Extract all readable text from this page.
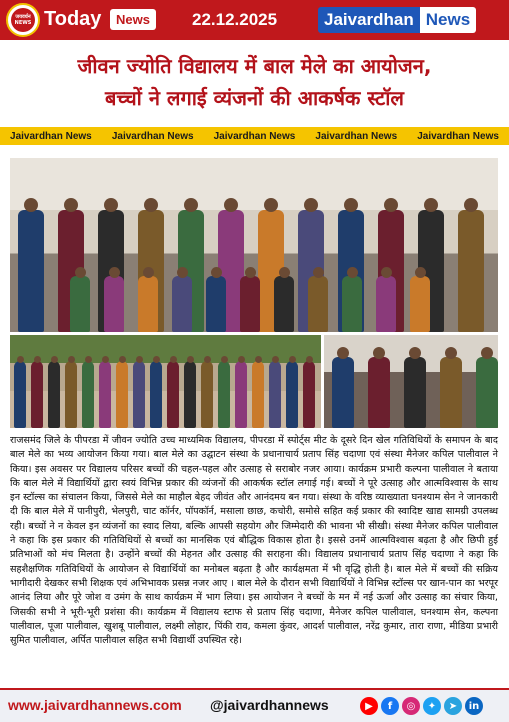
जयवर्धन NEWS Today	News	22.12.2025	Jaivardhan News
जीवन ज्योति विद्यालय में बाल मेले का आयोजन,
बच्चों ने लगाई व्यंजनों की आकर्षक स्टॉल
Jaivardhan News Jaivardhan News Jaivardhan News Jaivardhan News Jaivardhan News
राजसमंद जिले के पीपरडा में जीवन ज्योति उच्च माध्यमिक विद्यालय, पीपरडा में स्पोर्ट्स मीट के दूसरे दिन खेल गतिविधियों के समापन के बाद बाल मेले का भव्य आयोजन किया गया। बाल मेले का उद्घाटन संस्था के प्रधानाचार्य प्रताप सिंह चदाणा एवं संस्था मैनेजर कपिल पालीवाल ने किया। इस अवसर पर विद्यालय परिसर बच्चों की चहल-पहल और उत्साह से सराबोर नजर आया। कार्यक्रम प्रभारी कल्पना पालीवाल ने बताया कि बाल मेले में विद्यार्थियों द्वारा स्वयं विभिन्न प्रकार की व्यंजनों की आकर्षक स्टॉल लगाई गई। बच्चों ने पूरे उत्साह और आत्मविश्वास के साथ इन स्टॉल्स का संचालन किया, जिससे मेले का माहौल बेहद जीवंत और आनंदमय बन गया। संस्था के वरिष्ठ व्याख्याता घनश्याम सेन ने जानकारी दी कि बाल मेले में पानीपुरी, भेलपुरी, चाट कॉर्नर, पॉपकॉर्न, मसाला छाछ, कचोरी, समोसे सहित कई प्रकार की स्वादिष्ट खाद्य सामग्री उपलब्ध रही। बच्चों ने न केवल इन व्यंजनों का स्वाद लिया, बल्कि आपसी सहयोग और जिम्मेदारी की भावना भी सीखी। संस्था मैनेजर कपिल पालीवाल ने कहा कि इस प्रकार की गतिविधियों से बच्चों का मानसिक एवं बौद्धिक विकास होता है। इससे उनमें आत्मविश्वास बढ़ता है और छिपी हुई प्रतिभाओं को मंच मिलता है। उन्होंने बच्चों की मेहनत और उत्साह की सराहना की। विद्यालय प्रधानाचार्य प्रताप सिंह चदाणा ने कहा कि सहशैक्षणिक गतिविधियों के आयोजन से विद्यार्थियों का मनोबल बढ़ता है और कार्यक्षमता में भी वृद्धि होती है। बाल मेले में बच्चों की सक्रिय भागीदारी देखकर सभी शिक्षक एवं अभिभावक प्रसन्न नजर आए । बाल मेले के दौरान सभी विद्यार्थियों ने विभिन्न स्टॉल्स पर खान-पान का भरपूर आनंद लिया और पूरे जोश व उमंग के साथ कार्यक्रम में भाग लिया। इस आयोजन ने बच्चों के मन में नई ऊर्जा और उत्साह का संचार किया, जिसकी सभी ने भूरी-भूरी प्रशंसा की। कार्यक्रम में विद्यालय स्टाफ से प्रताप सिंह चदाणा, मैनेजर कपिल पालीवाल, घनश्याम सेन, कल्पना पालीवाल, पूजा पालीवाल, खुशबू पालीवाल, लक्ष्मी लोहार, पिंकी राव, कमला कुंवर, आदर्श पालीवाल, नरेंद्र कुमार, तारा राणा, मीडिया प्रभारी सुमित पालीवाल, अर्पित पालीवाल सहित सभी विद्यार्थी उपस्थित रहे।
www.jaivardhannews.com @jaivardhannews	▶	f	◎	✦	➤	in
